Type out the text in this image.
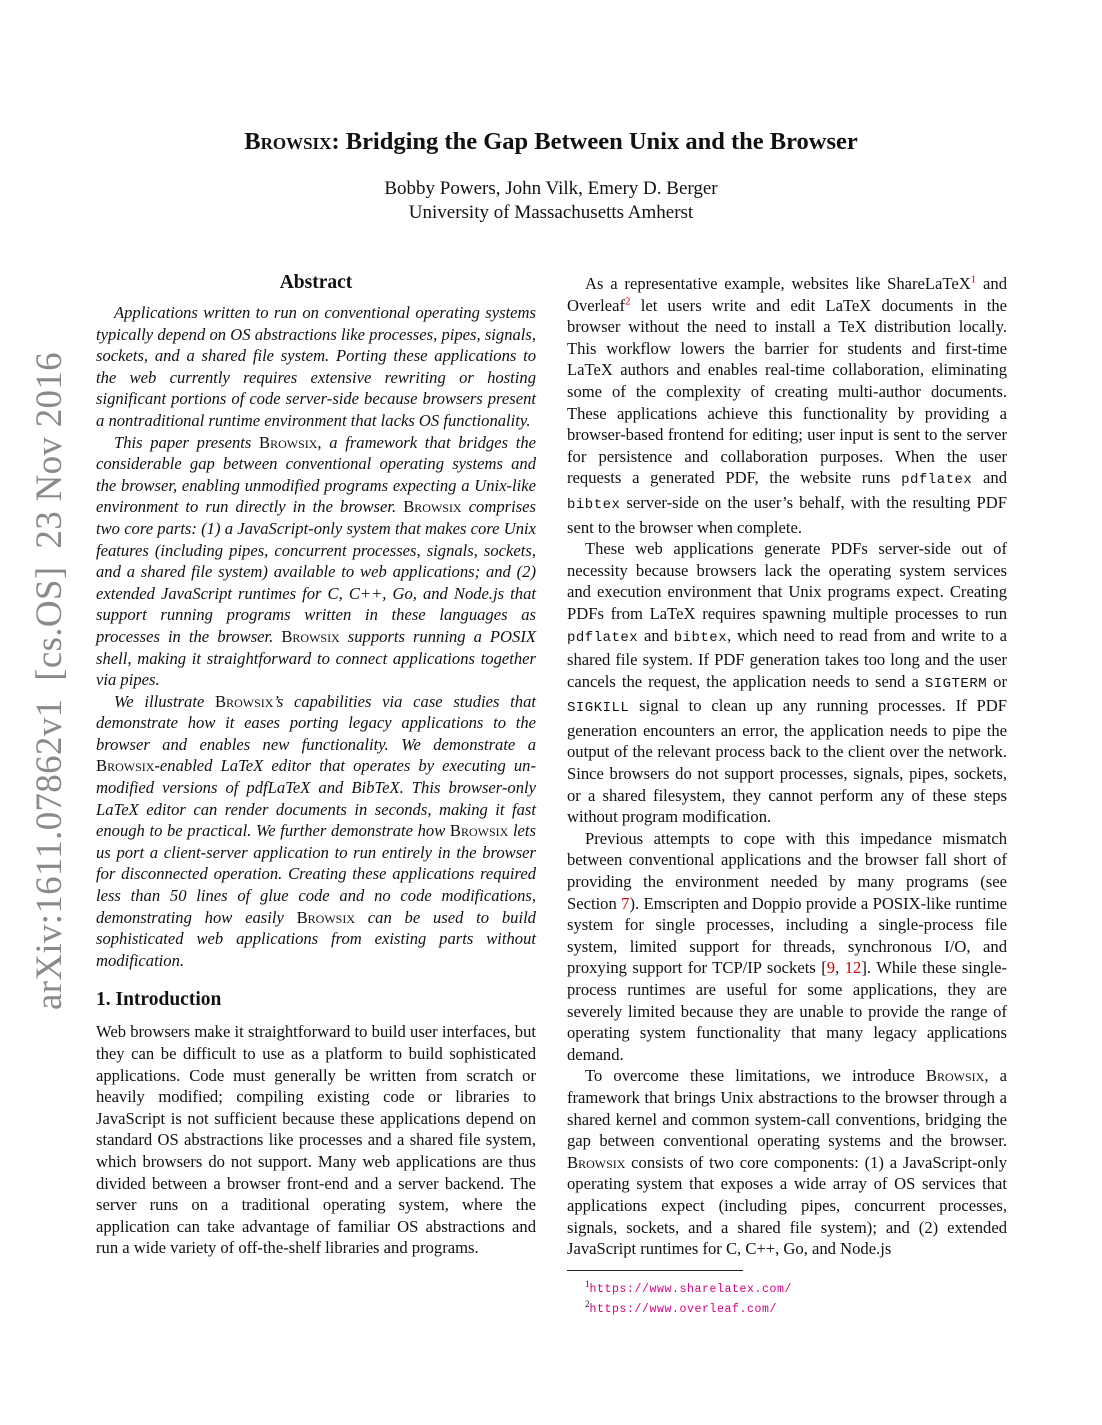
arXiv:1611.07862v1[cs.OS]23 Nov 2016
Browsix: Bridging the Gap Between Unix and the Browser
Bobby Powers, John Vilk, Emery D. Berger
University of Massachusetts Amherst
Abstract

Applications written to run on conventional operating systems typically depend on OS abstractions like processes, pipes, signals, sockets, and a shared file system. Porting these applications to the web currently requires extensive rewriting or hosting significant portions of code server-side because browsers present a nontraditional runtime environment that lacks OS functionality.

This paper presents Browsix, a framework that bridges the considerable gap between conventional operating systems and the browser, enabling unmodified programs expecting a Unix-like environment to run directly in the browser. Browsix comprises two core parts: (1) a JavaScript-only system that makes core Unix features (including pipes, concurrent processes, signals, sockets, and a shared file system) available to web applications; and (2) extended JavaScript runtimes for C, C++, Go, and Node.js that support running programs written in these languages as processes in the browser. Browsix supports running a POSIX shell, making it straightforward to connect applications together via pipes.

We illustrate Browsix’s capabilities via case studies that demonstrate how it eases porting legacy applications to the browser and enables new functionality. We demonstrate a Browsix-enabled LaTeX editor that operates by executing unmodified versions of pdfLaTeX and BibTeX. This browser-only LaTeX editor can render documents in seconds, making it fast enough to be practical. We further demonstrate how Browsix lets us port a client-server application to run entirely in the browser for disconnected operation. Creating these applications required less than 50 lines of glue code and no code modifications, demonstrating how easily Browsix can be used to build sophisticated web applications from existing parts without modification.

1. Introduction

Web browsers make it straightforward to build user interfaces, but they can be difficult to use as a platform to build sophisticated applications. Code must generally be written from scratch or heavily modified; compiling existing code or libraries to JavaScript is not sufficient because these applications depend on standard OS abstractions like processes and a shared file system, which browsers do not support. Many web applications are thus divided between a browser front-end and a server backend. The server runs on a traditional operating system, where the application can take advantage of familiar OS abstractions and run a wide variety of off-the-shelf libraries and programs.

As a representative example, websites like ShareLaTeX$^1$ and Overleaf$^2$ let users write and edit LaTeX documents in the browser without the need to install a TeX distribution locally. This workflow lowers the barrier for students and first-time LaTeX authors and enables real-time collaboration, eliminating some of the complexity of creating multi-author documents. These applications achieve this functionality by providing a browser-based frontend for editing; user input is sent to the server for persistence and collaboration purposes. When the user requests a generated PDF, the website runs pdflatex and bibtex server-side on the user’s behalf, with the resulting PDF sent to the browser when complete.

These web applications generate PDFs server-side out of necessity because browsers lack the operating system services and execution environment that Unix programs expect. Creating PDFs from LaTeX requires spawning multiple processes to run pdflatex and bibtex, which need to read from and write to a shared file system. If PDF generation takes too long and the user cancels the request, the application needs to send a SIGTERM or SIGKILL signal to clean up any running processes. If PDF generation encounters an error, the application needs to pipe the output of the relevant process back to the client over the network. Since browsers do not support processes, signals, pipes, sockets, or a shared filesystem, they cannot perform any of these steps without program modification.

Previous attempts to cope with this impedance mismatch between conventional applications and the browser fall short of providing the environment needed by many programs (see Section 7). Emscripten and Doppio provide a POSIX-like runtime system for single processes, including a single-process file system, limited support for threads, synchronous I/O, and proxying support for TCP/IP sockets [9, 12]. While these single-process runtimes are useful for some applications, they are severely limited because they are unable to provide the range of operating system functionality that many legacy applications demand.

To overcome these limitations, we introduce Browsix, a framework that brings Unix abstractions to the browser through a shared kernel and common system-call conventions, bridging the gap between conventional operating systems and the browser. Browsix consists of two core components: (1) a JavaScript-only operating system that exposes a wide array of OS services that applications expect (including pipes, concurrent processes, signals, sockets, and a shared file system); and (2) extended JavaScript runtimes for C, C++, Go, and Node.js

$^1$https://www.sharelatex.com/
$^2$https://www.overleaf.com/
